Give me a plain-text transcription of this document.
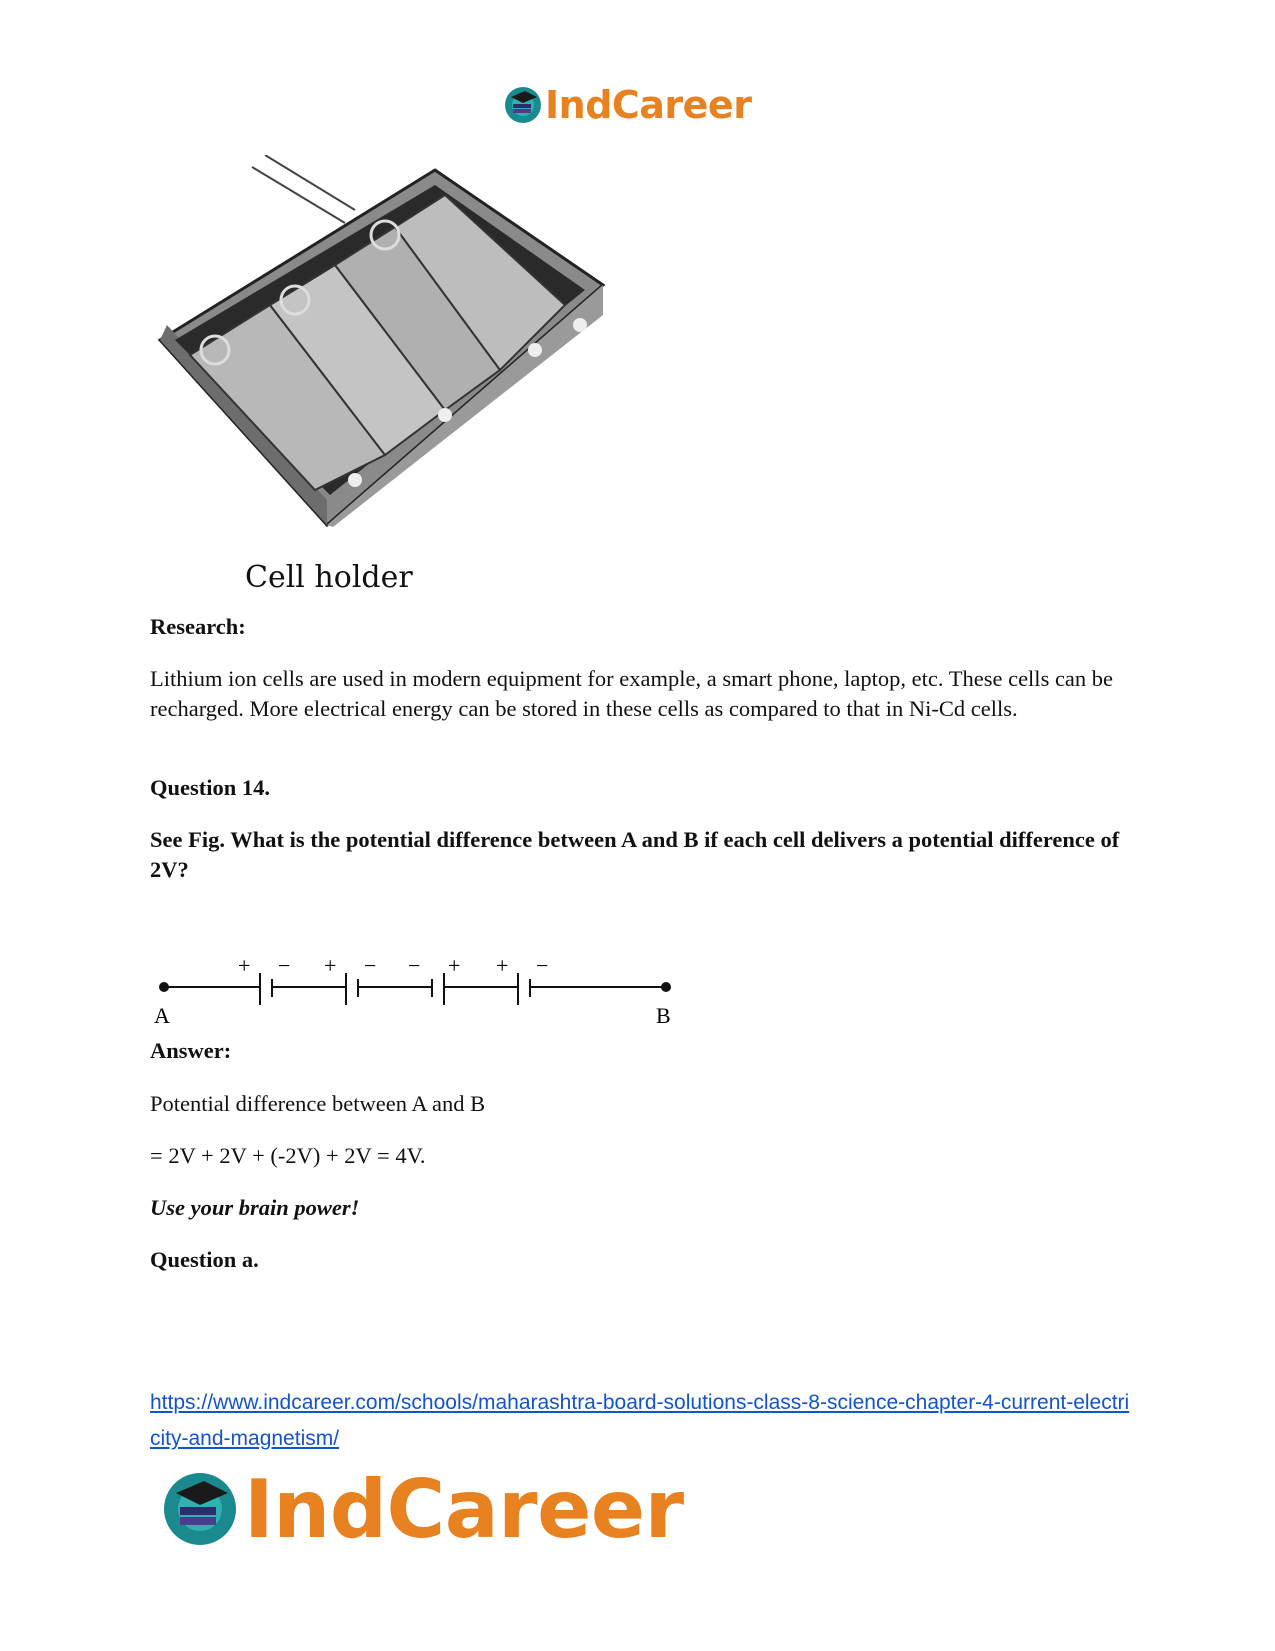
IndCareer
Cell holder
Research:
Lithium ion cells are used in modern equipment for example, a smart phone, laptop, etc. These cells can be recharged. More electrical energy can be stored in these cells as compared to that in Ni-Cd cells.
Question 14.
See Fig. What is the potential difference between A and B if each cell delivers a potential difference of 2V?
+ − + − − + + −
A	B
Answer:
Potential difference between A and B
= 2V + 2V + (-2V) + 2V = 4V.
Use your brain power!
Question a.
https://www.indcareer.com/schools/maharashtra-board-solutions-class-8-science-chapter-4-current-electricity-and-magnetism/
IndCareer
